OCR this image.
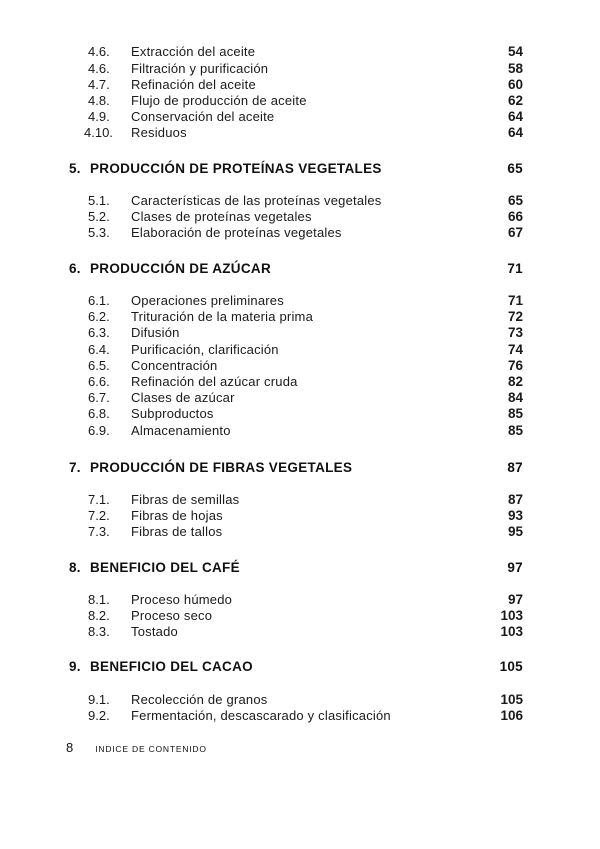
4.6. Extracción del aceite	54
4.6. Filtración y purificación	58
4.7. Refinación del aceite	60
4.8. Flujo de producción de aceite	62
4.9. Conservación del aceite	64
4.10. Residuos	64
5. PRODUCCIÓN DE PROTEÍNAS VEGETALES	65
5.1. Características de las proteínas vegetales	65
5.2. Clases de proteínas vegetales	66
5.3. Elaboración de proteínas vegetales	67
6. PRODUCCIÓN DE AZÚCAR	71
6.1. Operaciones preliminares	71
6.2. Trituración de la materia prima	72
6.3. Difusión	73
6.4. Purificación, clarificación	74
6.5. Concentración	76
6.6. Refinación del azúcar cruda	82
6.7. Clases de azúcar	84
6.8. Subproductos	85
6.9. Almacenamiento	85
7. PRODUCCIÓN DE FIBRAS VEGETALES	87
7.1. Fibras de semillas	87
7.2. Fibras de hojas	93
7.3. Fibras de tallos	95
8. BENEFICIO DEL CAFÉ	97
8.1. Proceso húmedo	97
8.2. Proceso seco	103
8.3. Tostado	103
9. BENEFICIO DEL CACAO	105
9.1. Recolección de granos	105
9.2. Fermentación, descascarado y clasificación	106
8	INDICE DE CONTENIDO
